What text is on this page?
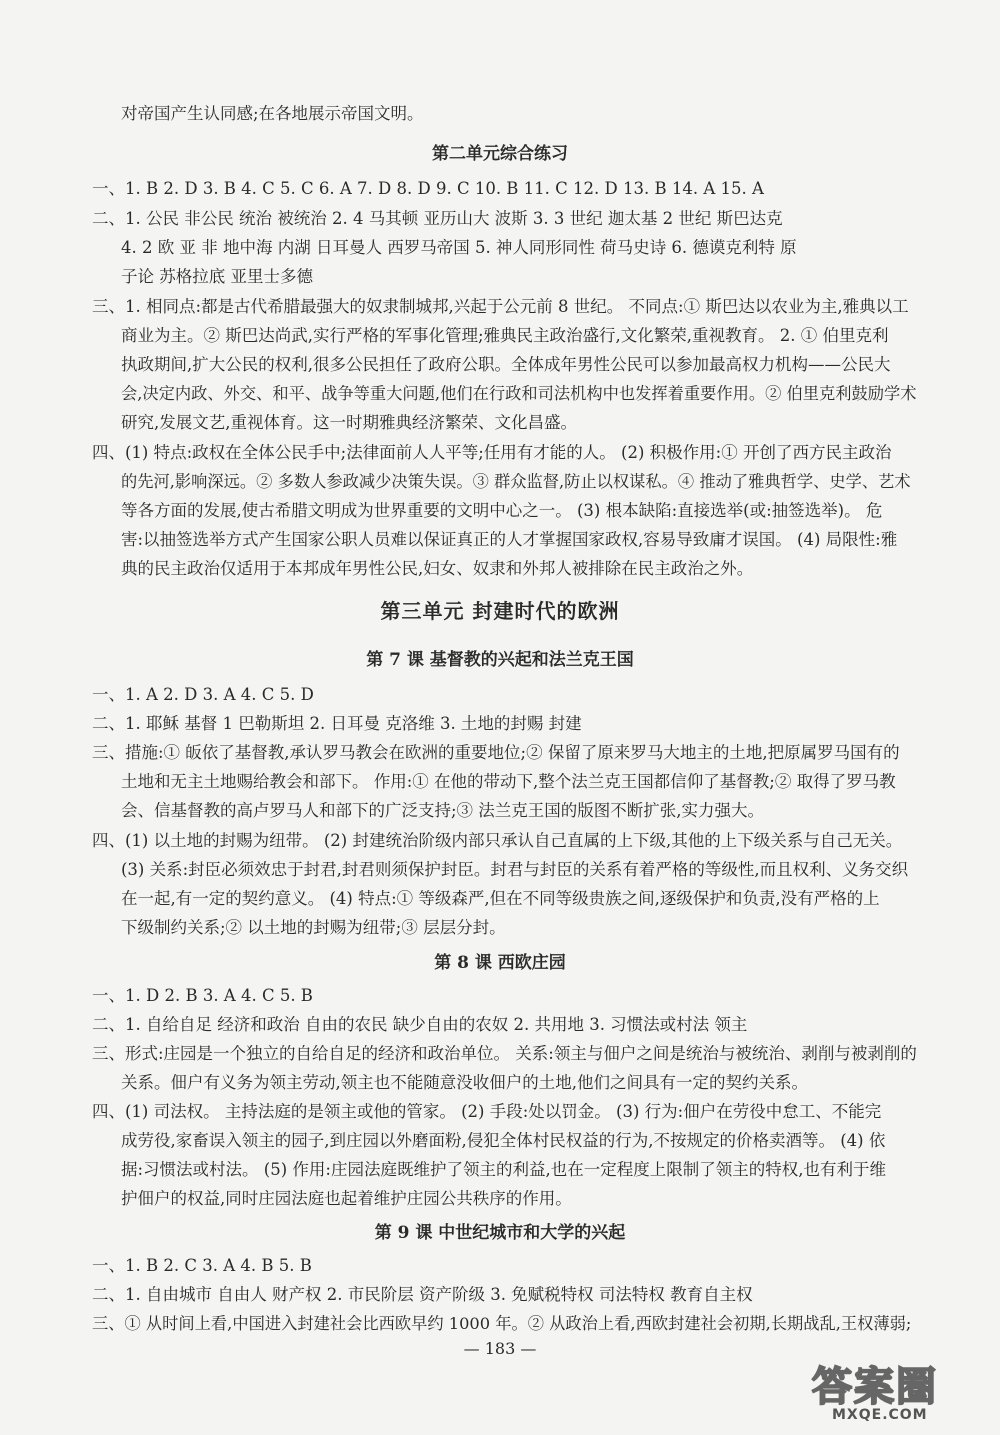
对帝国产生认同感;在各地展示帝国文明。
第二单元综合练习
一、1. B 2. D 3. B 4. C 5. C 6. A 7. D 8. D 9. C 10. B 11. C 12. D 13. B 14. A 15. A
二、1. 公民 非公民 统治 被统治 2. 4 马其顿 亚历山大 波斯 3. 3 世纪 迦太基 2 世纪 斯巴达克
4. 2 欧 亚 非 地中海 内湖 日耳曼人 西罗马帝国 5. 神人同形同性 荷马史诗 6. 德谟克利特 原
子论 苏格拉底 亚里士多德
三、1. 相同点:都是古代希腊最强大的奴隶制城邦,兴起于公元前 8 世纪。 不同点:① 斯巴达以农业为主,雅典以工
商业为主。② 斯巴达尚武,实行严格的军事化管理;雅典民主政治盛行,文化繁荣,重视教育。 2. ① 伯里克利
执政期间,扩大公民的权利,很多公民担任了政府公职。全体成年男性公民可以参加最高权力机构——公民大
会,决定内政、外交、和平、战争等重大问题,他们在行政和司法机构中也发挥着重要作用。② 伯里克利鼓励学术
研究,发展文艺,重视体育。这一时期雅典经济繁荣、文化昌盛。
四、(1) 特点:政权在全体公民手中;法律面前人人平等;任用有才能的人。 (2) 积极作用:① 开创了西方民主政治
的先河,影响深远。② 多数人参政减少决策失误。③ 群众监督,防止以权谋私。④ 推动了雅典哲学、史学、艺术
等各方面的发展,使古希腊文明成为世界重要的文明中心之一。 (3) 根本缺陷:直接选举(或:抽签选举)。 危
害:以抽签选举方式产生国家公职人员难以保证真正的人才掌握国家政权,容易导致庸才误国。 (4) 局限性:雅
典的民主政治仅适用于本邦成年男性公民,妇女、奴隶和外邦人被排除在民主政治之外。
第三单元 封建时代的欧洲
第 7 课 基督教的兴起和法兰克王国
一、1. A 2. D 3. A 4. C 5. D
二、1. 耶稣 基督 1 巴勒斯坦 2. 日耳曼 克洛维 3. 土地的封赐 封建
三、措施:① 皈依了基督教,承认罗马教会在欧洲的重要地位;② 保留了原来罗马大地主的土地,把原属罗马国有的
土地和无主土地赐给教会和部下。 作用:① 在他的带动下,整个法兰克王国都信仰了基督教;② 取得了罗马教
会、信基督教的高卢罗马人和部下的广泛支持;③ 法兰克王国的版图不断扩张,实力强大。
四、(1) 以土地的封赐为纽带。 (2) 封建统治阶级内部只承认自己直属的上下级,其他的上下级关系与自己无关。
(3) 关系:封臣必须效忠于封君,封君则须保护封臣。封君与封臣的关系有着严格的等级性,而且权利、义务交织
在一起,有一定的契约意义。 (4) 特点:① 等级森严,但在不同等级贵族之间,逐级保护和负责,没有严格的上
下级制约关系;② 以土地的封赐为纽带;③ 层层分封。
第 8 课 西欧庄园
一、1. D 2. B 3. A 4. C 5. B
二、1. 自给自足 经济和政治 自由的农民 缺少自由的农奴 2. 共用地 3. 习惯法或村法 领主
三、形式:庄园是一个独立的自给自足的经济和政治单位。 关系:领主与佃户之间是统治与被统治、剥削与被剥削的
关系。佃户有义务为领主劳动,领主也不能随意没收佃户的土地,他们之间具有一定的契约关系。
四、(1) 司法权。 主持法庭的是领主或他的管家。 (2) 手段:处以罚金。 (3) 行为:佃户在劳役中怠工、不能完
成劳役,家畜误入领主的园子,到庄园以外磨面粉,侵犯全体村民权益的行为,不按规定的价格卖酒等。 (4) 依
据:习惯法或村法。 (5) 作用:庄园法庭既维护了领主的利益,也在一定程度上限制了领主的特权,也有利于维
护佃户的权益,同时庄园法庭也起着维护庄园公共秩序的作用。
第 9 课 中世纪城市和大学的兴起
一、1. B 2. C 3. A 4. B 5. B
二、1. 自由城市 自由人 财产权 2. 市民阶层 资产阶级 3. 免赋税特权 司法特权 教育自主权
三、① 从时间上看,中国进入封建社会比西欧早约 1000 年。② 从政治上看,西欧封建社会初期,长期战乱,王权薄弱;
— 183 —
答案圈
MXQE.COM
